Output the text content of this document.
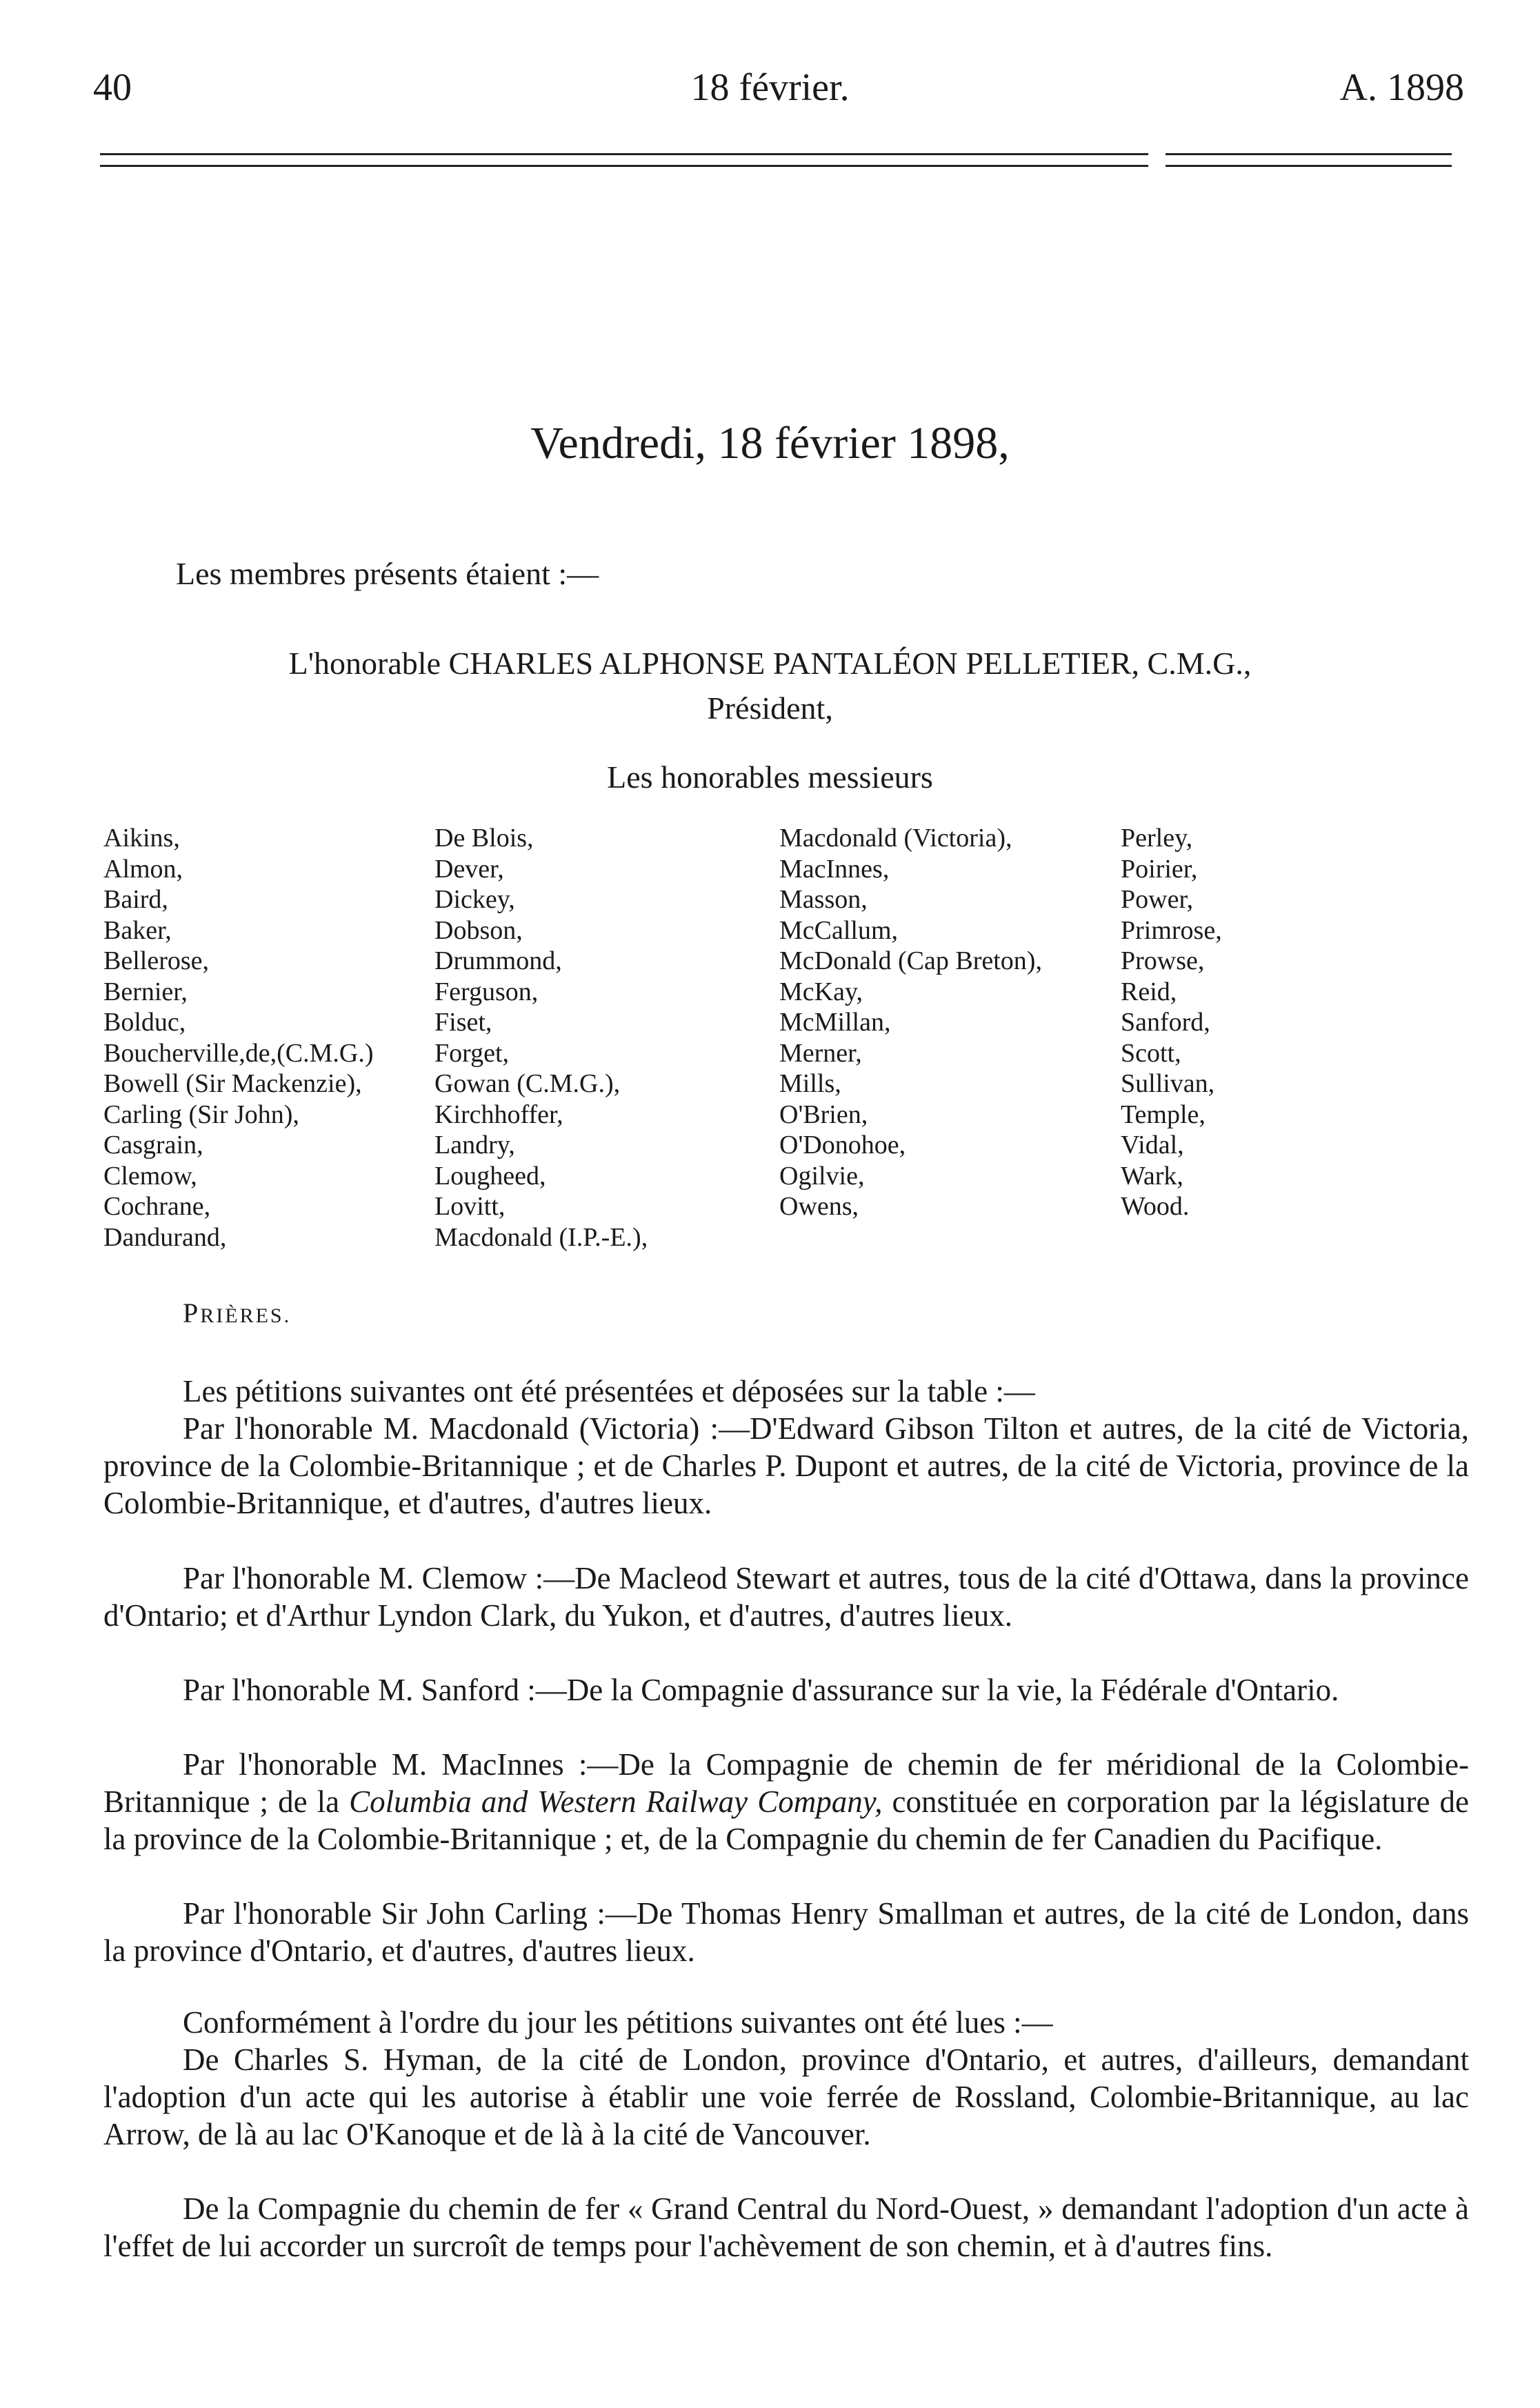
40	18 février.	A. 1898
Vendredi, 18 février 1898,
Les membres présents étaient :—
L'honorable CHARLES ALPHONSE PANTALÉON PELLETIER, C.M.G.,
Président,
Les honorables messieurs
Aikins,
Almon,
Baird,
Baker,
Bellerose,
Bernier,
Bolduc,
Boucherville,de,(C.M.G.)
Bowell (Sir Mackenzie),
Carling (Sir John),
Casgrain,
Clemow,
Cochrane,
Dandurand,
De Blois,
Dever,
Dickey,
Dobson,
Drummond,
Ferguson,
Fiset,
Forget,
Gowan (C.M.G.),
Kirchhoffer,
Landry,
Lougheed,
Lovitt,
Macdonald (I.P.-E.),
Macdonald (Victoria),
MacInnes,
Masson,
McCallum,
McDonald (Cap Breton),
McKay,
McMillan,
Merner,
Mills,
O'Brien,
O'Donohoe,
Ogilvie,
Owens,
Perley,
Poirier,
Power,
Primrose,
Prowse,
Reid,
Sanford,
Scott,
Sullivan,
Temple,
Vidal,
Wark,
Wood.
PRIÈRES.

Les pétitions suivantes ont été présentées et déposées sur la table :—

Par l'honorable M. Macdonald (Victoria) :—D'Edward Gibson Tilton et autres, de la cité de Victoria, province de la Colombie-Britannique ; et de Charles P. Dupont et autres, de la cité de Victoria, province de la Colombie-Britannique, et d'autres, d'autres lieux.

Par l'honorable M. Clemow :—De Macleod Stewart et autres, tous de la cité d'Ottawa, dans la province d'Ontario; et d'Arthur Lyndon Clark, du Yukon, et d'autres, d'autres lieux.

Par l'honorable M. Sanford :—De la Compagnie d'assurance sur la vie, la Fédérale d'Ontario.

Par l'honorable M. MacInnes :—De la Compagnie de chemin de fer méridional de la Colombie-Britannique ; de la Columbia and Western Railway Company, constituée en corporation par la législature de la province de la Colombie-Britannique ; et, de la Compagnie du chemin de fer Canadien du Pacifique.

Par l'honorable Sir John Carling :—De Thomas Henry Smallman et autres, de la cité de London, dans la province d'Ontario, et d'autres, d'autres lieux.

Conformément à l'ordre du jour les pétitions suivantes ont été lues :—

De Charles S. Hyman, de la cité de London, province d'Ontario, et autres, d'ailleurs, demandant l'adoption d'un acte qui les autorise à établir une voie ferrée de Rossland, Colombie-Britannique, au lac Arrow, de là au lac O'Kanoque et de là à la cité de Vancouver.

De la Compagnie du chemin de fer « Grand Central du Nord-Ouest, » demandant l'adoption d'un acte à l'effet de lui accorder un surcroît de temps pour l'achèvement de son chemin, et à d'autres fins.
